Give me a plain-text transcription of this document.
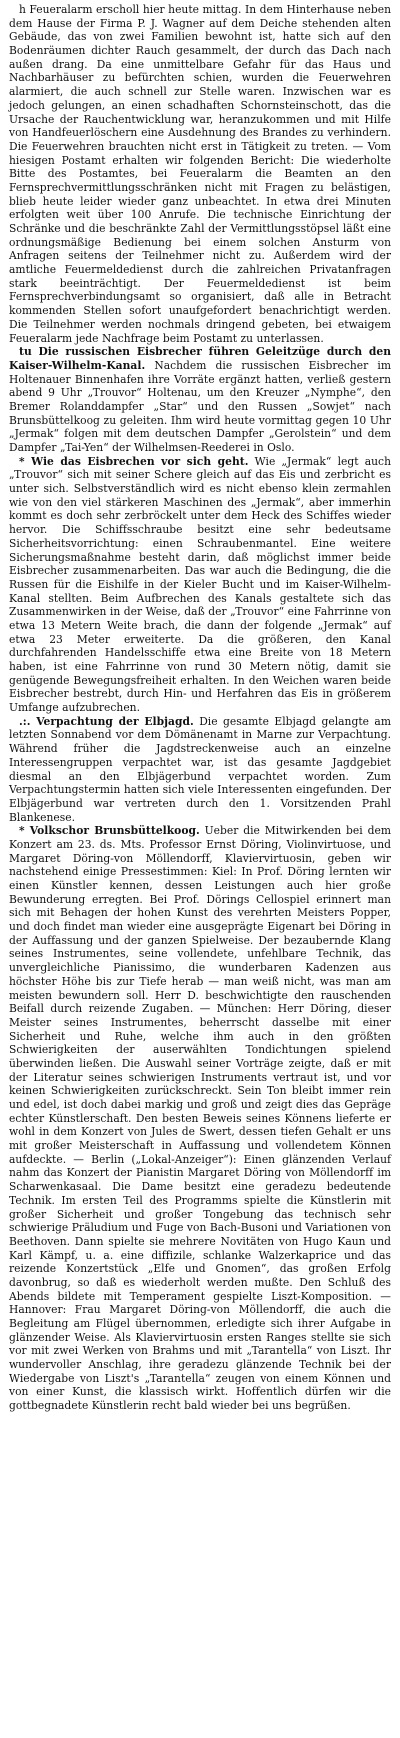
h Feueralarm erscholl hier heute mittag. In dem Hinterhause neben dem Hause der Firma P. J. Wagner auf dem Deiche stehenden alten Gebäude, das von zwei Familien bewohnt ist, hatte sich auf den Bodenräumen dichter Rauch gesammelt, der durch das Dach nach außen drang. Da eine unmittelbare Gefahr für das Haus und Nachbarhäuser zu befürchten schien, wurden die Feuerwehren alarmiert, die auch schnell zur Stelle waren. Inzwischen war es jedoch gelungen, an einen schadhaften Schornsteinschott, das die Ursache der Rauchentwicklung war, heranzukommen und mit Hilfe von Handfeuerlöschern eine Ausdehnung des Brandes zu verhindern. Die Feuerwehren brauchten nicht erst in Tätigkeit zu treten. — Vom hiesigen Postamt erhalten wir folgenden Bericht: Die wiederholte Bitte des Postamtes, bei Feueralarm die Beamten an den Fernsprechvermittlungsschränken nicht mit Fragen zu belästigen, blieb heute leider wieder ganz unbeachtet. In etwa drei Minuten erfolgten weit über 100 Anrufe. Die technische Einrichtung der Schränke und die beschränkte Zahl der Vermittlungsstöpsel läßt eine ordnungsmäßige Bedienung bei einem solchen Ansturm von Anfragen seitens der Teilnehmer nicht zu. Außerdem wird der amtliche Feuermeldedienst durch die zahlreichen Privatanfragen stark beeinträchtigt. Der Feuermeldedienst ist beim Fernsprechverbindungsamt so organisiert, daß alle in Betracht kommenden Stellen sofort unaufgefordert benachrichtigt werden. Die Teilnehmer werden nochmals dringend gebeten, bei etwaigem Feueralarm jede Nachfrage beim Postamt zu unterlassen.

tu Die russischen Eisbrecher führen Geleitzüge durch den Kaiser-Wilhelm-Kanal. Nachdem die russischen Eisbrecher im Holtenauer Binnenhafen ihre Vorräte ergänzt hatten, verließ gestern abend 9 Uhr „Trouvor“ Holtenau, um den Kreuzer „Nymphe“, den Bremer Rolanddampfer „Star“ und den Russen „Sowjet“ nach Brunsbüttelkoog zu geleiten. Ihm wird heute vormittag gegen 10 Uhr „Jermak“ folgen mit dem deutschen Dampfer „Gerolstein“ und dem Dampfer „Tai-Yen“ der Wilhelmsen-Reederei in Oslo.

* Wie das Eisbrechen vor sich geht. Wie „Jermak“ legt auch „Trouvor“ sich mit seiner Schere gleich auf das Eis und zerbricht es unter sich. Selbstverständlich wird es nicht ebenso klein zermahlen wie von den viel stärkeren Maschinen des „Jermak“, aber immerhin kommt es doch sehr zerbröckelt unter dem Heck des Schiffes wieder hervor. Die Schiffsschraube besitzt eine sehr bedeutsame Sicherheitsvorrichtung: einen Schraubenmantel. Eine weitere Sicherungsmaßnahme besteht darin, daß möglichst immer beide Eisbrecher zusammenarbeiten. Das war auch die Bedingung, die die Russen für die Eishilfe in der Kieler Bucht und im Kaiser-Wilhelm-Kanal stellten. Beim Aufbrechen des Kanals gestaltete sich das Zusammenwirken in der Weise, daß der „Trouvor“ eine Fahrrinne von etwa 13 Metern Weite brach, die dann der folgende „Jermak“ auf etwa 23 Meter erweiterte. Da die größeren, den Kanal durchfahrenden Handelsschiffe etwa eine Breite von 18 Metern haben, ist eine Fahrrinne von rund 30 Metern nötig, damit sie genügende Bewegungsfreiheit erhalten. In den Weichen waren beide Eisbrecher bestrebt, durch Hin- und Herfahren das Eis in größerem Umfange aufzubrechen.

.:. Verpachtung der Elbjagd. Die gesamte Elbjagd gelangte am letzten Sonnabend vor dem Dömänenamt in Marne zur Verpachtung. Während früher die Jagdstreckenweise auch an einzelne Interessengruppen verpachtet war, ist das gesamte Jagdgebiet diesmal an den Elbjägerbund verpachtet worden. Zum Verpachtungstermin hatten sich viele Interessenten eingefunden. Der Elbjägerbund war vertreten durch den 1. Vorsitzenden Prahl Blankenese.

* Volkschor Brunsbüttelkoog. Ueber die Mitwirkenden bei dem Konzert am 23. ds. Mts. Professor Ernst Döring, Violinvirtuose, und Margaret Döring-von Möllendorff, Klaviervirtuosin, geben wir nachstehend einige Pressestimmen: Kiel: In Prof. Döring lernten wir einen Künstler kennen, dessen Leistungen auch hier große Bewunderung erregten. Bei Prof. Dörings Cellospiel erinnert man sich mit Behagen der hohen Kunst des verehrten Meisters Popper, und doch findet man wieder eine ausgeprägte Eigenart bei Döring in der Auffassung und der ganzen Spielweise. Der bezaubernde Klang seines Instrumentes, seine vollendete, unfehlbare Technik, das unvergleichliche Pianissimo, die wunderbaren Kadenzen aus höchster Höhe bis zur Tiefe herab — man weiß nicht, was man am meisten bewundern soll. Herr D. beschwichtigte den rauschenden Beifall durch reizende Zugaben. — München: Herr Döring, dieser Meister seines Instrumentes, beherrscht dasselbe mit einer Sicherheit und Ruhe, welche ihm auch in den größten Schwierigkeiten der auserwählten Tondichtungen spielend überwinden ließen. Die Auswahl seiner Vorträge zeigte, daß er mit der Literatur seines schwierigen Instruments vertraut ist, und vor keinen Schwierigkeiten zurückschreckt. Sein Ton bleibt immer rein und edel, ist doch dabei markig und groß und zeigt dies das Gepräge echter Künstlerschaft. Den besten Beweis seines Könnens lieferte er wohl in dem Konzert von Jules de Swert, dessen tiefen Gehalt er uns mit großer Meisterschaft in Auffassung und vollendetem Können aufdeckte. — Berlin („Lokal-Anzeiger“): Einen glänzenden Verlauf nahm das Konzert der Pianistin Margaret Döring von Möllendorff im Scharwenkasaal. Die Dame besitzt eine geradezu bedeutende Technik. Im ersten Teil des Programms spielte die Künstlerin mit großer Sicherheit und großer Tongebung das technisch sehr schwierige Präludium und Fuge von Bach-Busoni und Variationen von Beethoven. Dann spielte sie mehrere Novitäten von Hugo Kaun und Karl Kämpf, u. a. eine diffizile, schlanke Walzerkaprice und das reizende Konzertstück „Elfe und Gnomen“, das großen Erfolg davonbrug, so daß es wiederholt werden mußte. Den Schluß des Abends bildete mit Temperament gespielte Liszt-Komposition. — Hannover: Frau Margaret Döring-von Möllendorff, die auch die Begleitung am Flügel übernommen, erledigte sich ihrer Aufgabe in glänzender Weise. Als Klaviervirtuosin ersten Ranges stellte sie sich vor mit zwei Werken von Brahms und mit „Tarantella“ von Liszt. Ihr wundervoller Anschlag, ihre geradezu glänzende Technik bei der Wiedergabe von Liszt's „Tarantella“ zeugen von einem Können und von einer Kunst, die klassisch wirkt. Hoffentlich dürfen wir die gottbegnadete Künstlerin recht bald wieder bei uns begrüßen.
